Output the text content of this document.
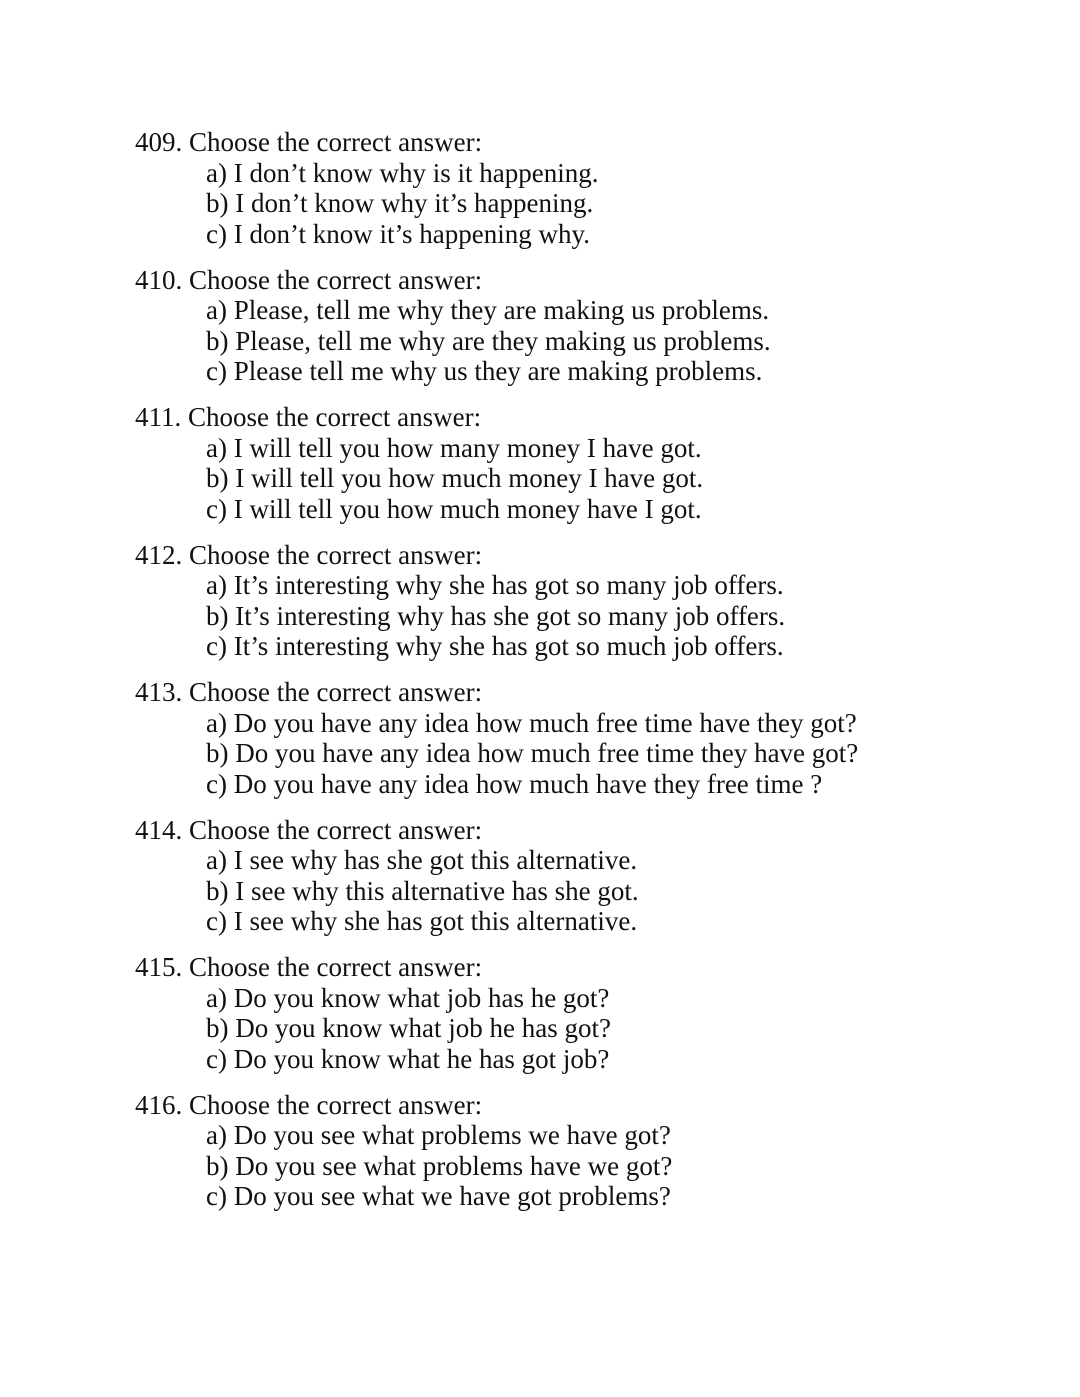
409. Choose the correct answer:
a) I don’t know why is it happening.
b) I don’t know why it’s happening.
c) I don’t know it’s happening why.
410. Choose the correct answer:
a) Please, tell me why they are making us problems.
b) Please, tell me why are they making us problems.
c) Please tell me why us they are making problems.
411. Choose the correct answer:
a) I will tell you how many money I have got.
b) I will tell you how much money I have got.
c) I will tell you how much money have I got.
412. Choose the correct answer:
a) It’s interesting why she has got so many job offers.
b) It’s interesting why has she got so many job offers.
c) It’s interesting why she has got so much job offers.
413. Choose the correct answer:
a) Do you have any idea how much free time have they got?
b) Do you have any idea how much free time they have got?
c) Do you have any idea how much have they free time ?
414. Choose the correct answer:
a) I see why has she got this alternative.
b) I see why this alternative has she got.
c) I see why she has got this alternative.
415. Choose the correct answer:
a) Do you know what job has he got?
b) Do you know what job he has got?
c) Do you know what he has got job?
416. Choose the correct answer:
a) Do you see what problems we have got?
b) Do you see what problems have we got?
c) Do you see what we have got problems?
